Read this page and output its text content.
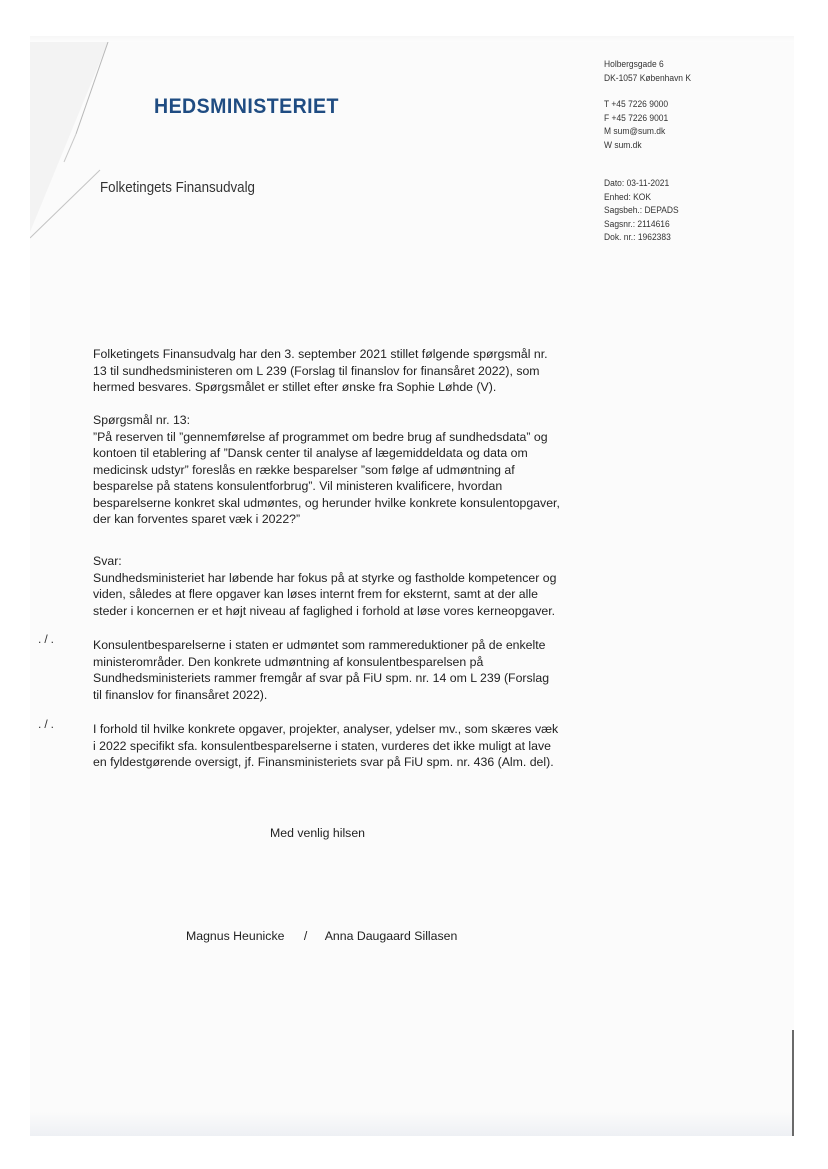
HEDSMINISTERIET
Holbergsgade 6
DK-1057 København K
T +45 7226 9000
F +45 7226 9001
M sum@sum.dk
W sum.dk
Dato: 03-11-2021
Enhed: KOK
Sagsbeh.: DEPADS
Sagsnr.: 2114616
Dok. nr.: 1962383
Folketingets Finansudvalg

Folketingets Finansudvalg har den 3. september 2021 stillet følgende spørgsmål nr. 13 til sundhedsministeren om L 239 (Forslag til finanslov for finansåret 2022), som hermed besvares. Spørgsmålet er stillet efter ønske fra Sophie Løhde (V).

Spørgsmål nr. 13:

”På reserven til ”gennemførelse af programmet om bedre brug af sundhedsdata” og kontoen til etablering af ”Dansk center til analyse af lægemiddeldata og data om medicinsk udstyr” foreslås en række besparelser ”som følge af udmøntning af besparelse på statens konsulentforbrug”. Vil ministeren kvalificere, hvordan besparelserne konkret skal udmøntes, og herunder hvilke konkrete konsulentopgaver, der kan forventes sparet væk i 2022?”

Svar:

Sundhedsministeriet har løbende har fokus på at styrke og fastholde kompetencer og viden, således at flere opgaver kan løses internt frem for eksternt, samt at der alle steder i koncernen er et højt niveau af faglighed i forhold at løse vores kerneopgaver.

./.	Konsulentbesparelserne i staten er udmøntet som rammereduktioner på de enkelte ministerområder. Den konkrete udmøntning af konsulentbesparelsen på Sundhedsministeriets rammer fremgår af svar på FiU spm. nr. 14 om L 239 (Forslag til finanslov for finansåret 2022).

./.	I forhold til hvilke konkrete opgaver, projekter, analyser, ydelser mv., som skæres væk i 2022 specifikt sfa. konsulentbesparelserne i staten, vurderes det ikke muligt at lave en fyldestgørende oversigt, jf. Finansministeriets svar på FiU spm. nr. 436 (Alm. del).

Med venlig hilsen
Magnus Heunicke / Anna Daugaard Sillasen
